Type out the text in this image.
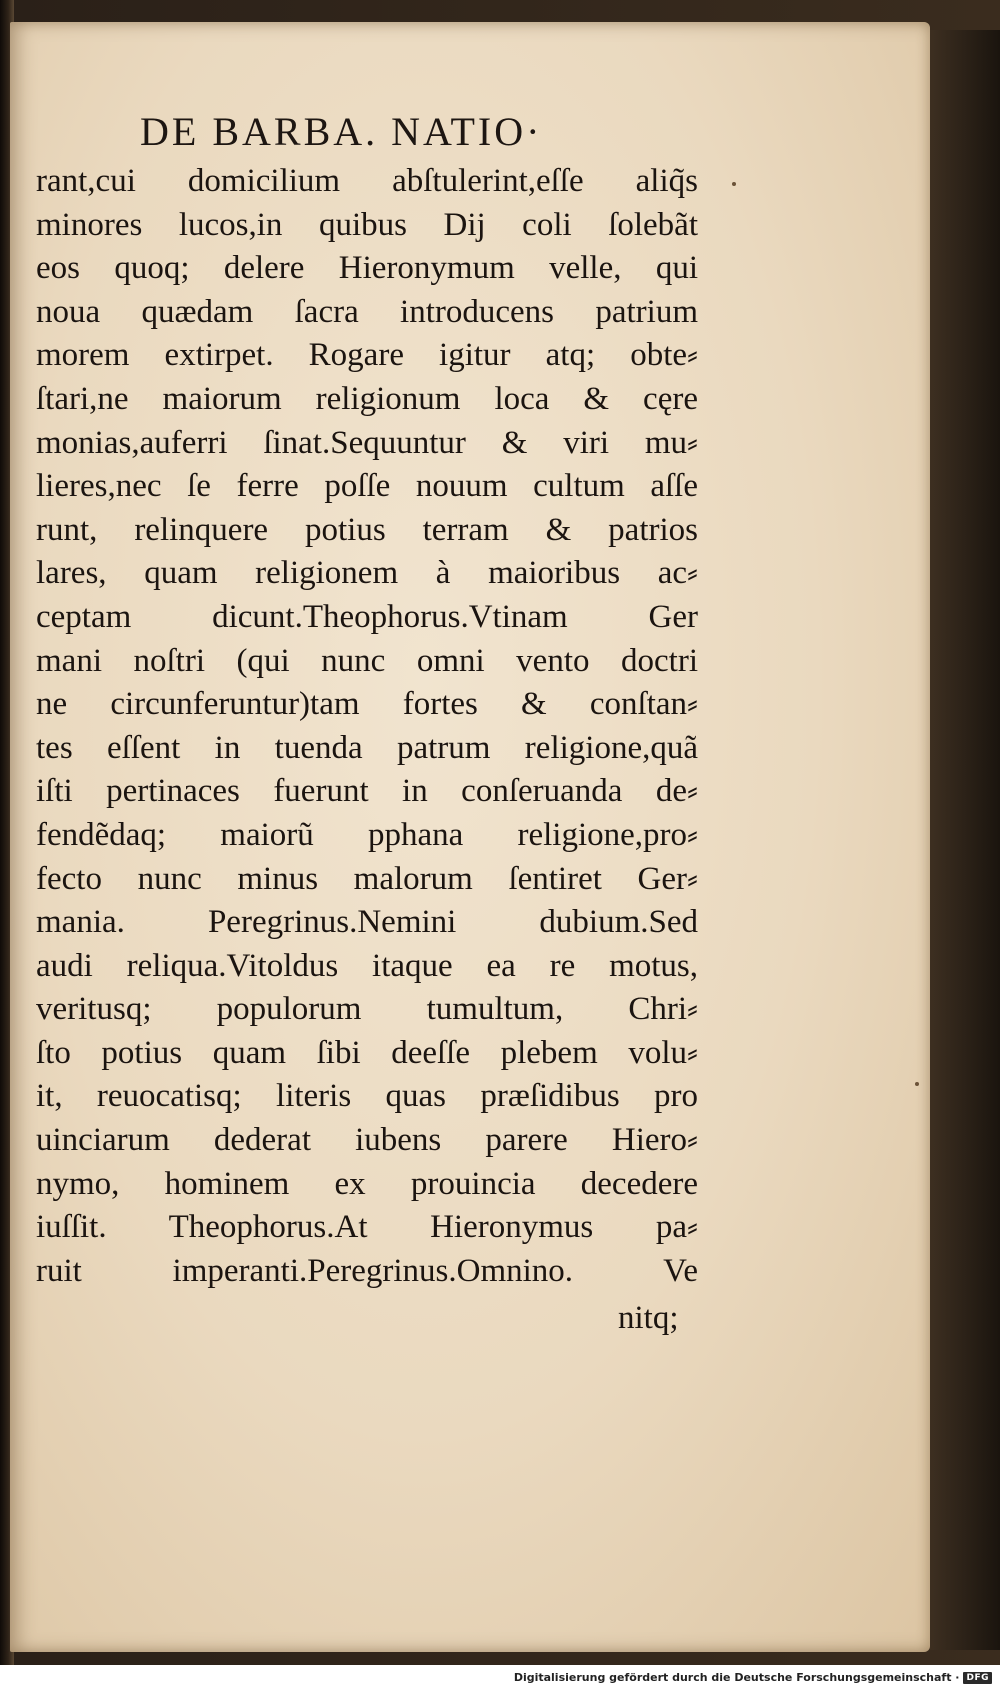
DE BARBA. NATIO·
rant,cui domicilium abſtulerint,eſſe aliq̃s
minores lucos,in quibus Dij coli ſolebãt
eos quoq; delere Hieronymum velle, qui
noua quædam ſacra introducens patrium
morem extirpet. Rogare igitur atq; obte⸗
ſtari,ne maiorum religionum loca & cęre
monias,auferri ſinat.Sequuntur & viri mu⸗
lieres,nec ſe ferre poſſe nouum cultum aſſe
runt, relinquere potius terram & patrios
lares, quam religionem à maioribus ac⸗
ceptam dicunt.Theophorus.Vtinam Ger
mani noſtri (qui nunc omni vento doctri
ne circunferuntur)tam fortes & conſtan⸗
tes eſſent in tuenda patrum religione,quã
iſti pertinaces fuerunt in conſeruanda de⸗
fendẽdaq; maiorũ pphana religione,pro⸗
fecto nunc minus malorum ſentiret Ger⸗
mania. Peregrinus.Nemini dubium.Sed
audi reliqua.Vitoldus itaque ea re motus,
veritusq; populorum tumultum, Chri⸗
ſto potius quam ſibi deeſſe plebem volu⸗
it, reuocatisq; literis quas præſidibus pro
uinciarum dederat iubens parere Hiero⸗
nymo, hominem ex prouincia decedere
iuſſit. Theophorus.At Hieronymus pa⸗
ruit imperanti.Peregrinus.Omnino. Ve
nitq;
Digitalisierung gefördert durch die Deutsche Forschungsgemeinschaft · DFG
